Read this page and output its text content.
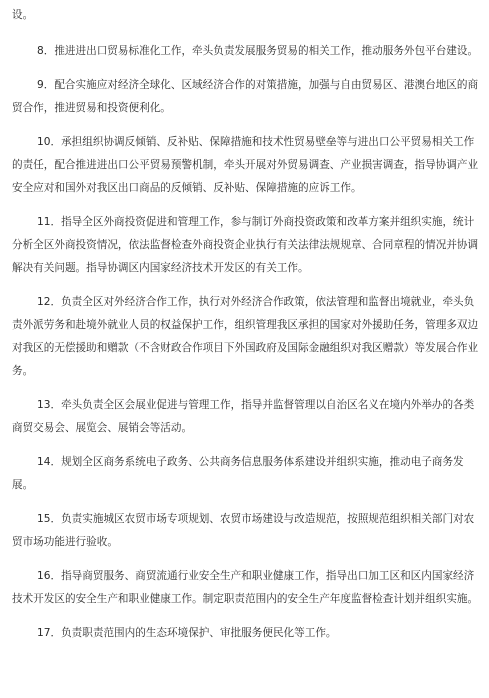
设。

8．推进进出口贸易标准化工作，牵头负责发展服务贸易的相关工作，推动服务外包平台建设。

9．配合实施应对经济全球化、区域经济合作的对策措施，加强与自由贸易区、港澳台地区的商贸合作，推进贸易和投资便利化。

10．承担组织协调反倾销、反补贴、保障措施和技术性贸易壁垒等与进出口公平贸易相关工作的责任，配合推进进出口公平贸易预警机制，牵头开展对外贸易调查、产业损害调查，指导协调产业安全应对和国外对我区出口商品的反倾销、反补贴、保障措施的应诉工作。

11．指导全区外商投资促进和管理工作，参与制订外商投资政策和改革方案并组织实施，统计分析全区外商投资情况，依法监督检查外商投资企业执行有关法律法规规章、合同章程的情况并协调解决有关问题。指导协调区内国家经济技术开发区的有关工作。

12．负责全区对外经济合作工作，执行对外经济合作政策，依法管理和监督出境就业，牵头负责外派劳务和赴境外就业人员的权益保护工作，组织管理我区承担的国家对外援助任务，管理多双边对我区的无偿援助和赠款（不含财政合作项目下外国政府及国际金融组织对我区赠款）等发展合作业务。

13．牵头负责全区会展业促进与管理工作，指导并监督管理以自治区名义在境内外举办的各类商贸交易会、展览会、展销会等活动。

14．规划全区商务系统电子政务、公共商务信息服务体系建设并组织实施，推动电子商务发展。

15．负责实施城区农贸市场专项规划、农贸市场建设与改造规范，按照规范组织相关部门对农贸市场功能进行验收。

16．指导商贸服务、商贸流通行业安全生产和职业健康工作，指导出口加工区和区内国家经济技术开发区的安全生产和职业健康工作。制定职责范围内的安全生产年度监督检查计划并组织实施。

17．负责职责范围内的生态环境保护、审批服务便民化等工作。
